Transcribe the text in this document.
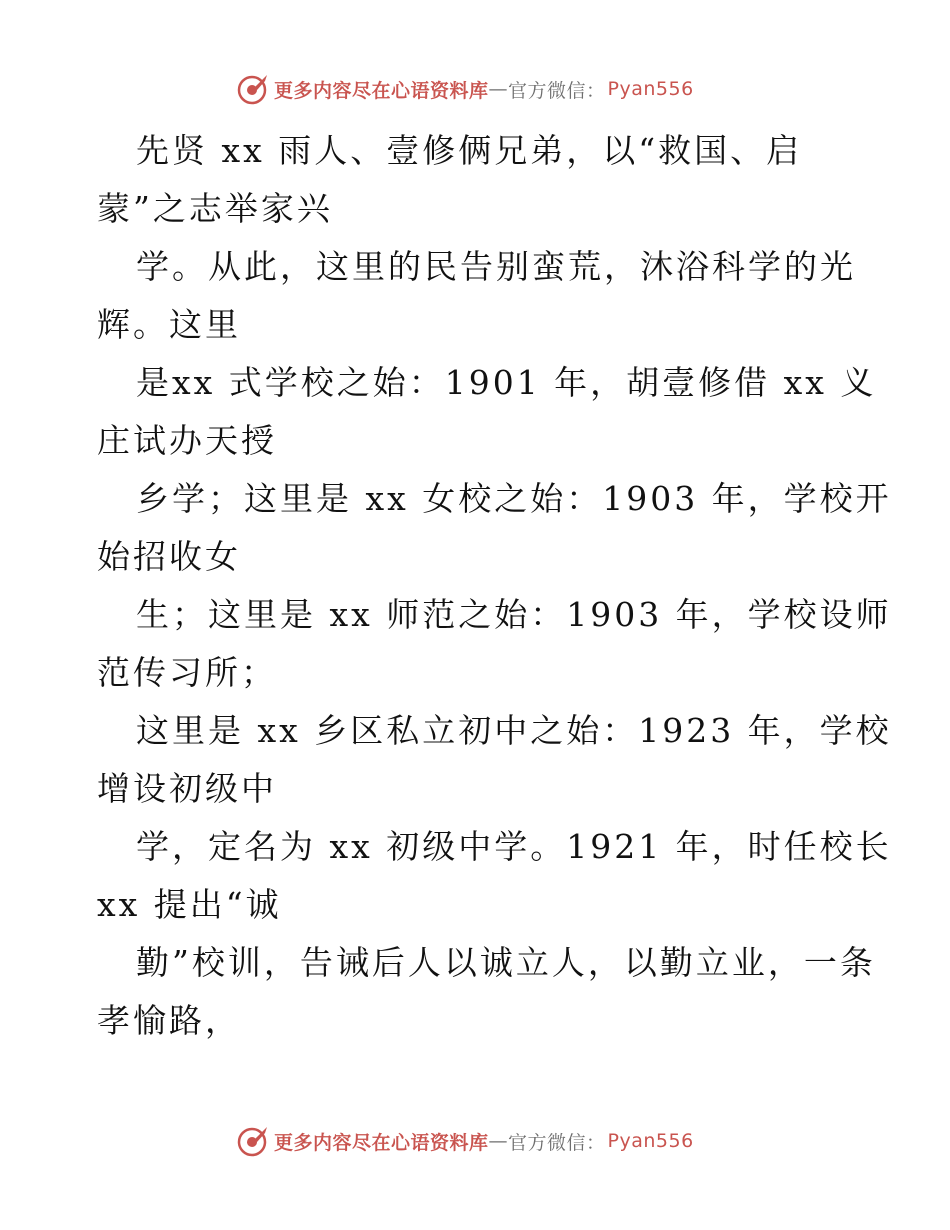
更多内容尽在心语资料库 — 官方微信： Pyan556
先贤 xx 雨人、壹修俩兄弟，以“救国、启
蒙”之志举家兴
学。从此，这里的民告别蛮荒，沐浴科学的光
辉。这里
是xx 式学校之始：1901 年，胡壹修借 xx 义
庄试办天授
乡学；这里是 xx 女校之始：1903 年，学校开
始招收女
生；这里是 xx 师范之始：1903 年，学校设师
范传习所；
这里是 xx 乡区私立初中之始：1923 年，学校
增设初级中
学，定名为 xx 初级中学。1921 年，时任校长
xx 提出“诚
勤”校训，告诫后人以诚立人，以勤立业，一条
孝愉路，
更多内容尽在心语资料库 — 官方微信： Pyan556
